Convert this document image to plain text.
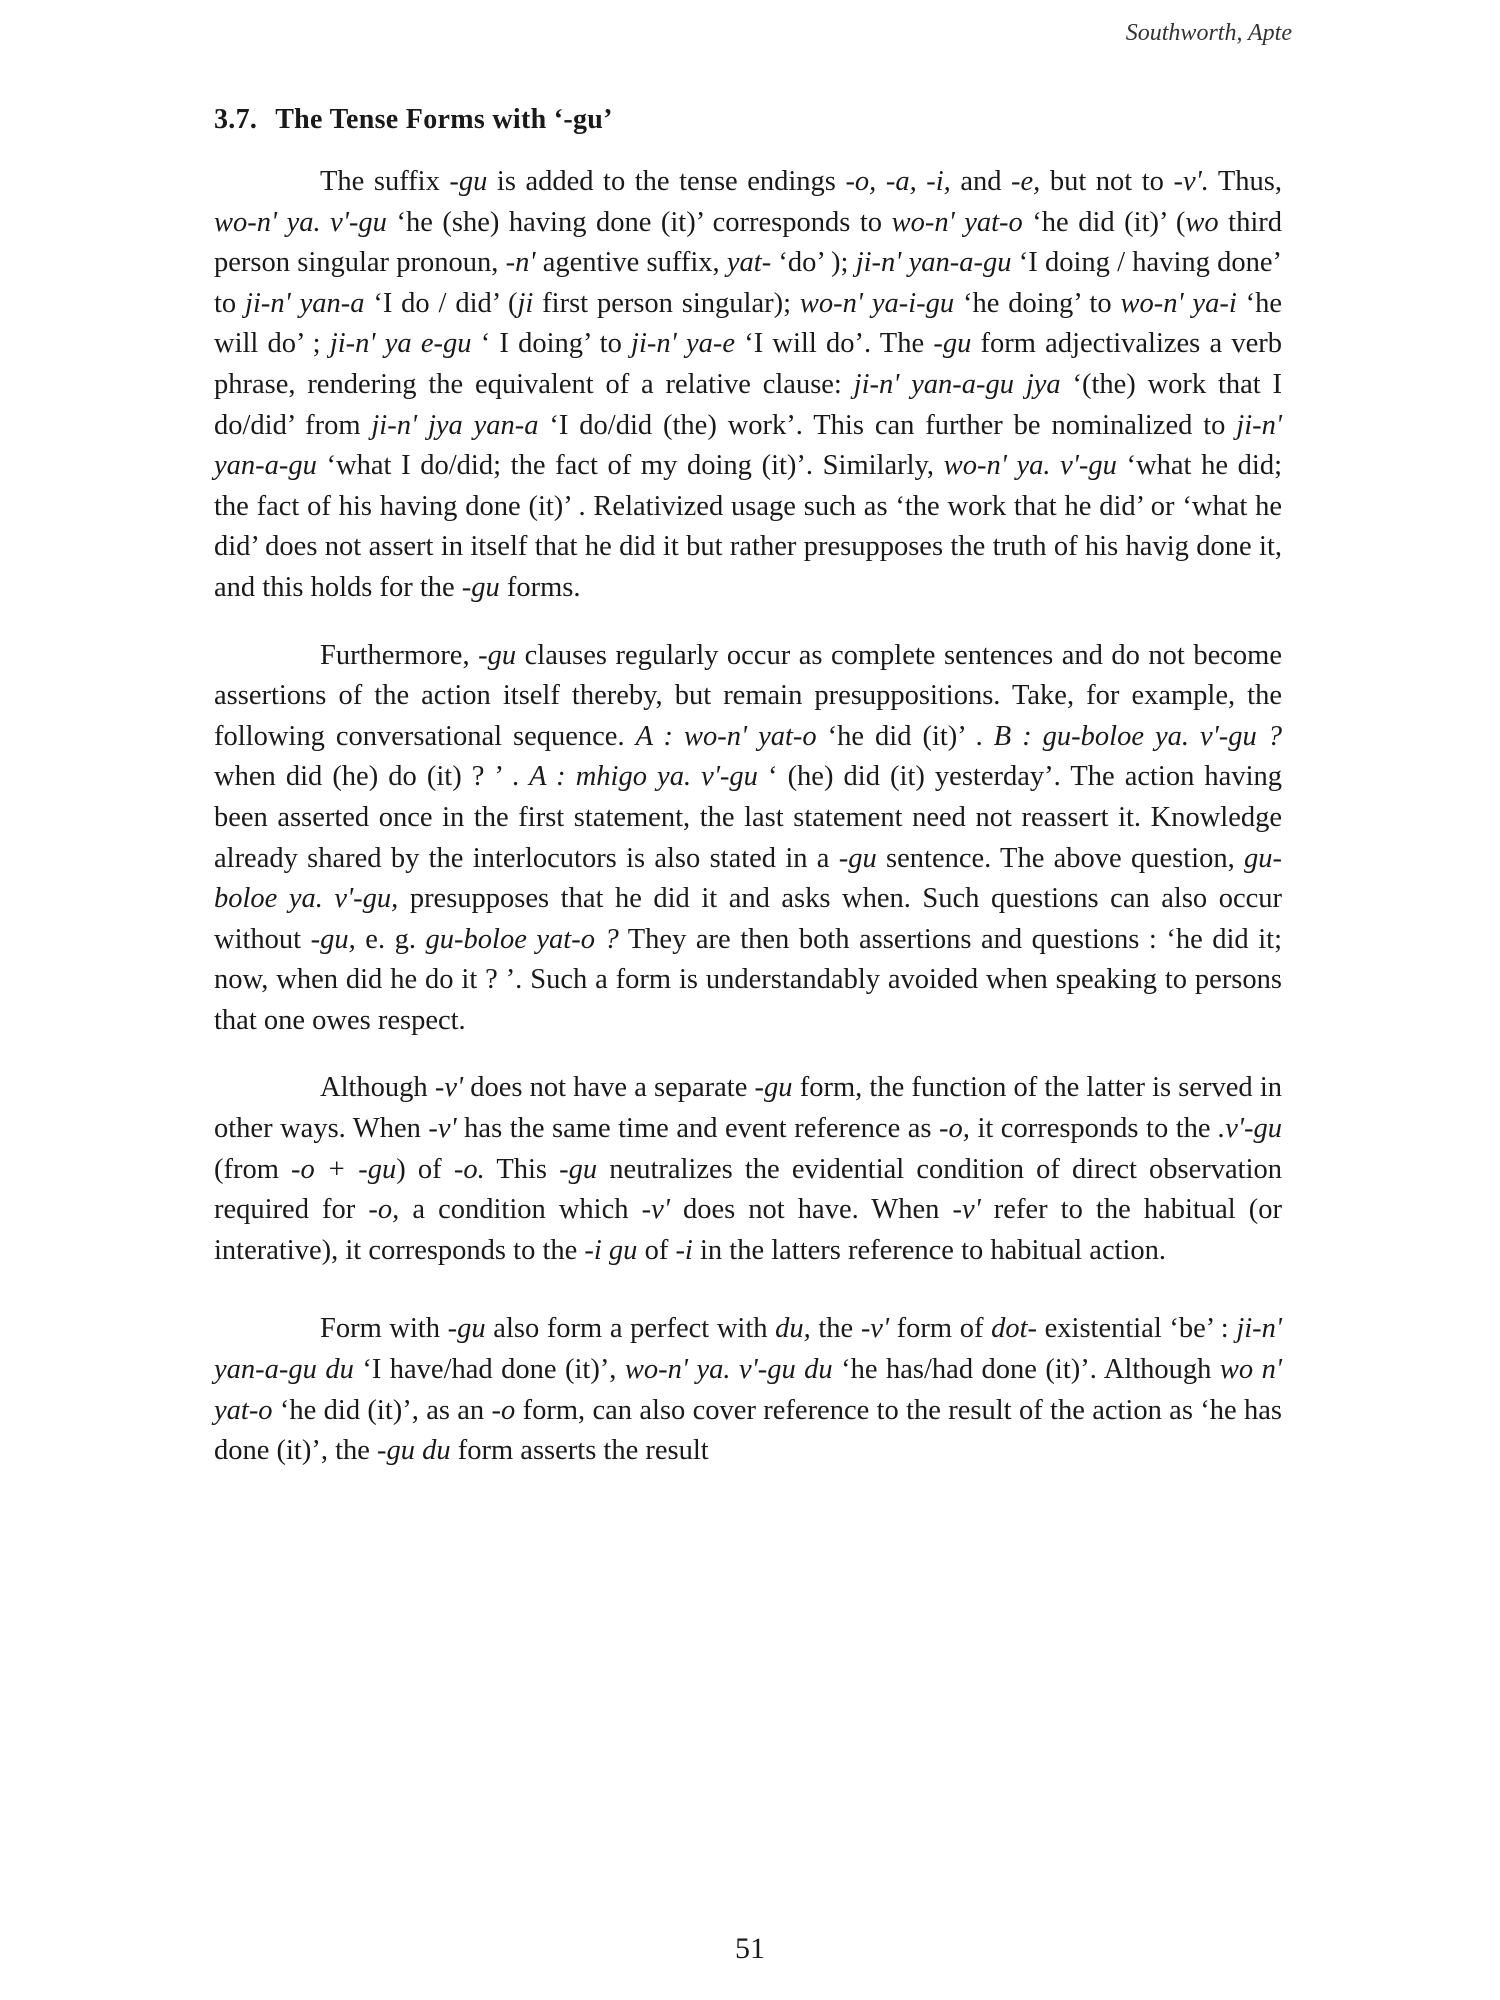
Southworth, Apte
3.7. The Tense Forms with ‘-gu’

The suffix -gu is added to the tense endings -o, -a, -i, and -e, but not to -v'. Thus, wo-n' ya. v'-gu ‘he (she) having done (it)’ corresponds to wo-n' yat-o ‘he did (it)’ (wo third person singular pronoun, -n' agentive suffix, yat- ‘do’ ); ji-n' yan-a-gu ‘I doing / having done’ to ji-n' yan-a ‘I do / did’ (ji first person singular); wo-n' ya-i-gu ‘he doing’ to wo-n' ya-i ‘he will do’ ; ji-n' ya e-gu ‘ I doing’ to ji-n' ya-e ‘I will do’. The -gu form adjectivalizes a verb phrase, rendering the equivalent of a relative clause: ji-n' yan-a-gu jya ‘(the) work that I do/did’ from ji-n' jya yan-a ‘I do/did (the) work’. This can further be nominalized to ji-n' yan-a-gu ‘what I do/did; the fact of my doing (it)’. Similarly, wo-n' ya. v'-gu ‘what he did; the fact of his having done (it)’ . Relativized usage such as ‘the work that he did’ or ‘what he did’ does not assert in itself that he did it but rather presupposes the truth of his havig done it, and this holds for the -gu forms.

Furthermore, -gu clauses regularly occur as complete sentences and do not become assertions of the action itself thereby, but remain presuppositions. Take, for example, the following conversational sequence. A : wo-n' yat-o ‘he did (it)’ . B : gu-boloe ya. v'-gu ? when did (he) do (it) ? ’ . A : mhigo ya. v'-gu ‘ (he) did (it) yesterday’. The action having been asserted once in the first statement, the last statement need not reassert it. Knowledge already shared by the interlocutors is also stated in a -gu sentence. The above question, gu-boloe ya. v'-gu, presupposes that he did it and asks when. Such questions can also occur without -gu, e. g. gu-boloe yat-o ? They are then both assertions and questions : ‘he did it; now, when did he do it ? ’. Such a form is understandably avoided when speaking to persons that one owes respect.

Although -v' does not have a separate -gu form, the function of the latter is served in other ways. When -v' has the same time and event reference as -o, it corresponds to the .v'-gu (from -o + -gu) of -o. This -gu neutralizes the evidential condition of direct observation required for -o, a condition which -v' does not have. When -v' refer to the habitual (or interative), it corresponds to the -i gu of -i in the latters reference to habitual action.

Form with -gu also form a perfect with du, the -v' form of dot- existential ‘be’ : ji-n' yan-a-gu du ‘I have/had done (it)’, wo-n' ya. v'-gu du ‘he has/had done (it)’. Although wo n' yat-o ‘he did (it)’, as an -o form, can also cover reference to the result of the action as ‘he has done (it)’, the -gu du form asserts the result

51
